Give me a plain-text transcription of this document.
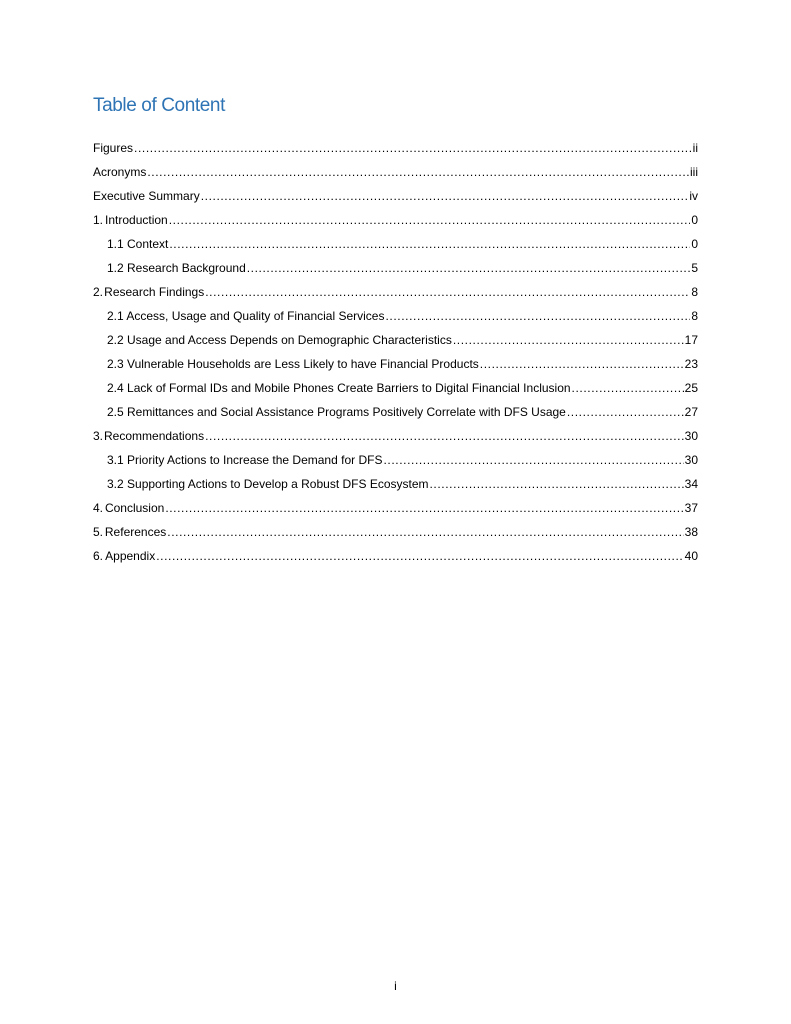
Table of Content
Figures .....	ii
Acronyms .....	iii
Executive Summary .....	iv
1. Introduction .....	0
1.1 Context .....	0
1.2 Research Background .....	5
2. Research Findings .....	8
2.1 Access, Usage and Quality of Financial Services .....	8
2.2 Usage and Access Depends on Demographic Characteristics .....	17
2.3 Vulnerable Households are Less Likely to have Financial Products .....	23
2.4 Lack of Formal IDs and Mobile Phones Create Barriers to Digital Financial Inclusion .....	25
2.5 Remittances and Social Assistance Programs Positively Correlate with DFS Usage .....	27
3. Recommendations .....	30
3.1 Priority Actions to Increase the Demand for DFS .....	30
3.2 Supporting Actions to Develop a Robust DFS Ecosystem .....	34
4. Conclusion .....	37
5. References .....	38
6. Appendix .....	40
i
